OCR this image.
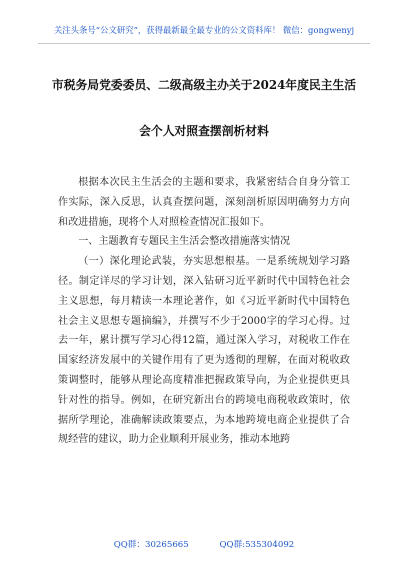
关注头条号“公文研究”，获得最新最全最专业的公文资料库！ 微信：gongwenyj
市税务局党委委员、二级高级主办关于2024年度民主生活
会个人对照查摆剖析材料

根据本次民主生活会的主题和要求，我紧密结合自身分管工作实际，深入反思，认真查摆问题，深刻剖析原因明确努力方向和改进措施，现将个人对照检查情况汇报如下。

一、主题教育专题民主生活会整改措施落实情况

（一）深化理论武装，夯实思想根基。一是系统规划学习路径。制定详尽的学习计划，深入钻研习近平新时代中国特色社会主义思想，每月精读一本理论著作，如《习近平新时代中国特色社会主义思想专题摘编》，并撰写不少于2000字的学习心得。过去一年，累计撰写学习心得12篇，通过深入学习，对税收工作在国家经济发展中的关键作用有了更为透彻的理解，在面对税收政策调整时，能够从理论高度精准把握政策导向，为企业提供更具针对性的指导。例如，在研究新出台的跨境电商税收政策时，依据所学理论，准确解读政策要点，为本地跨境电商企业提供了合规经营的建议，助力企业顺利开展业务，推动本地跨

QQ群：30265665	QQ群:535304092
